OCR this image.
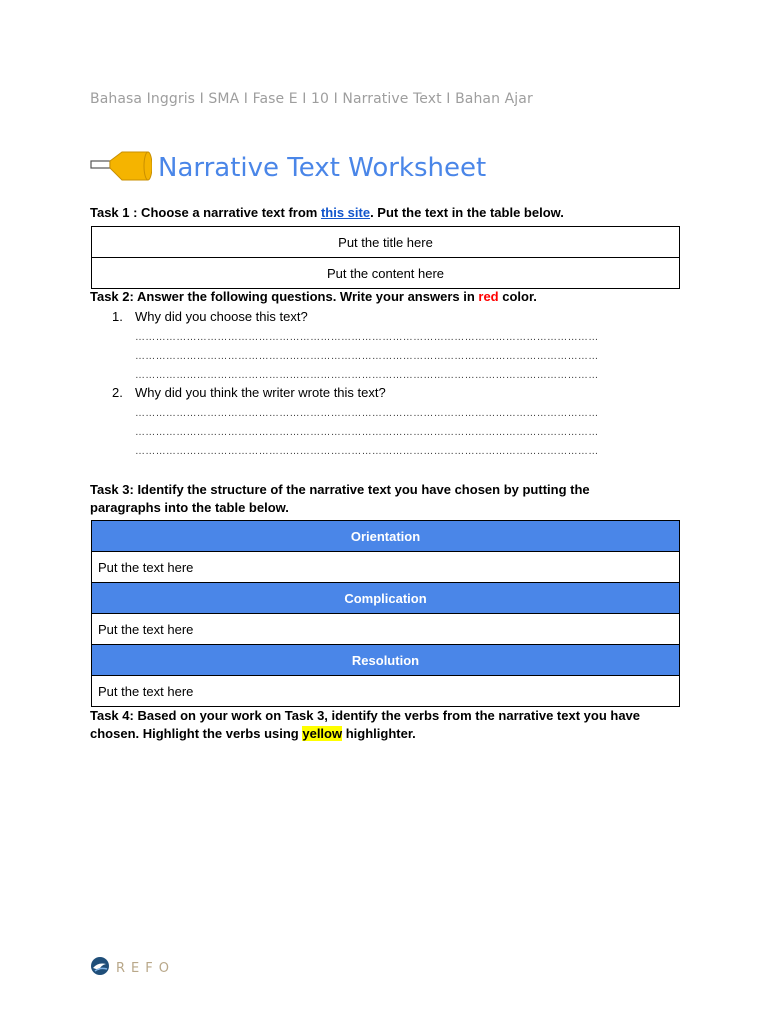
Bahasa Inggris I SMA I Fase E I 10 I Narrative Text I Bahan Ajar
Narrative Text Worksheet
Task 1 : Choose a narrative text from this site. Put the text in the table below.
Put the title here
Put the content here
Task 2: Answer the following questions. Write your answers in red color.
1. Why did you choose this text?
………………………………………………………………………………………………………………………
………………………………………………………………………………………………………………………
………………………………………………………………………………………………………………………
2. Why did you think the writer wrote this text?
………………………………………………………………………………………………………………………
………………………………………………………………………………………………………………………
………………………………………………………………………………………………………………………
Task 3: Identify the structure of the narrative text you have chosen by putting the paragraphs into the table below.
Orientation
Put the text here
Complication
Put the text here
Resolution
Put the text here
Task 4: Based on your work on Task 3, identify the verbs from the narrative text you have chosen. Highlight the verbs using yellow highlighter.
REFO
